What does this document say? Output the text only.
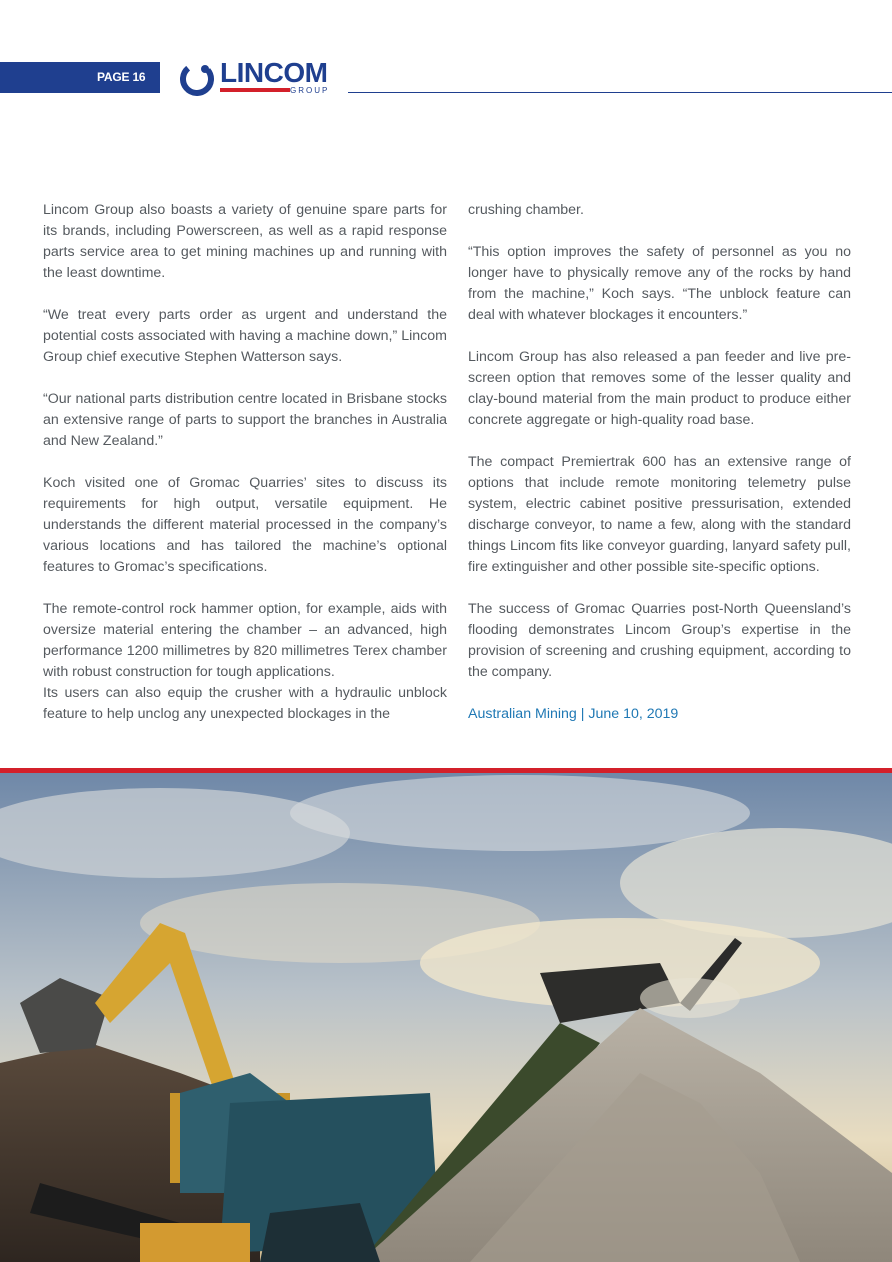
PAGE 16	LINCOM
GROUP

Lincom Group also boasts a variety of genuine spare parts for its brands, including Powerscreen, as well as a rapid response parts service area to get mining machines up and running with the least downtime.

“We treat every parts order as urgent and understand the potential costs associated with having a machine down,” Lincom Group chief executive Stephen Watterson says.

“Our national parts distribution centre located in Brisbane stocks an extensive range of parts to support the branches in Australia and New Zealand.”

Koch visited one of Gromac Quarries’ sites to discuss its requirements for high output, versatile equipment. He understands the different material processed in the company’s various locations and has tailored the machine’s optional features to Gromac’s specifications.

The remote-control rock hammer option, for example, aids with oversize material entering the chamber – an advanced, high performance 1200 millimetres by 820 millimetres Terex chamber with robust construction for tough applications.

Its users can also equip the crusher with a hydraulic unblock feature to help unclog any unexpected blockages in the

crushing chamber.

“This option improves the safety of personnel as you no longer have to physically remove any of the rocks by hand from the machine,” Koch says. “The unblock feature can deal with whatever blockages it encounters.”

Lincom Group has also released a pan feeder and live pre-screen option that removes some of the lesser quality and clay-bound material from the main product to produce either concrete aggregate or high-quality road base.

The compact Premiertrak 600 has an extensive range of options that include remote monitoring telemetry pulse system, electric cabinet positive pressurisation, extended discharge conveyor, to name a few, along with the standard things Lincom fits like conveyor guarding, lanyard safety pull, fire extinguisher and other possible site-specific options.

The success of Gromac Quarries post-North Queensland’s flooding demonstrates Lincom Group’s expertise in the provision of screening and crushing equipment, according to the company.

Australian Mining | June 10, 2019
